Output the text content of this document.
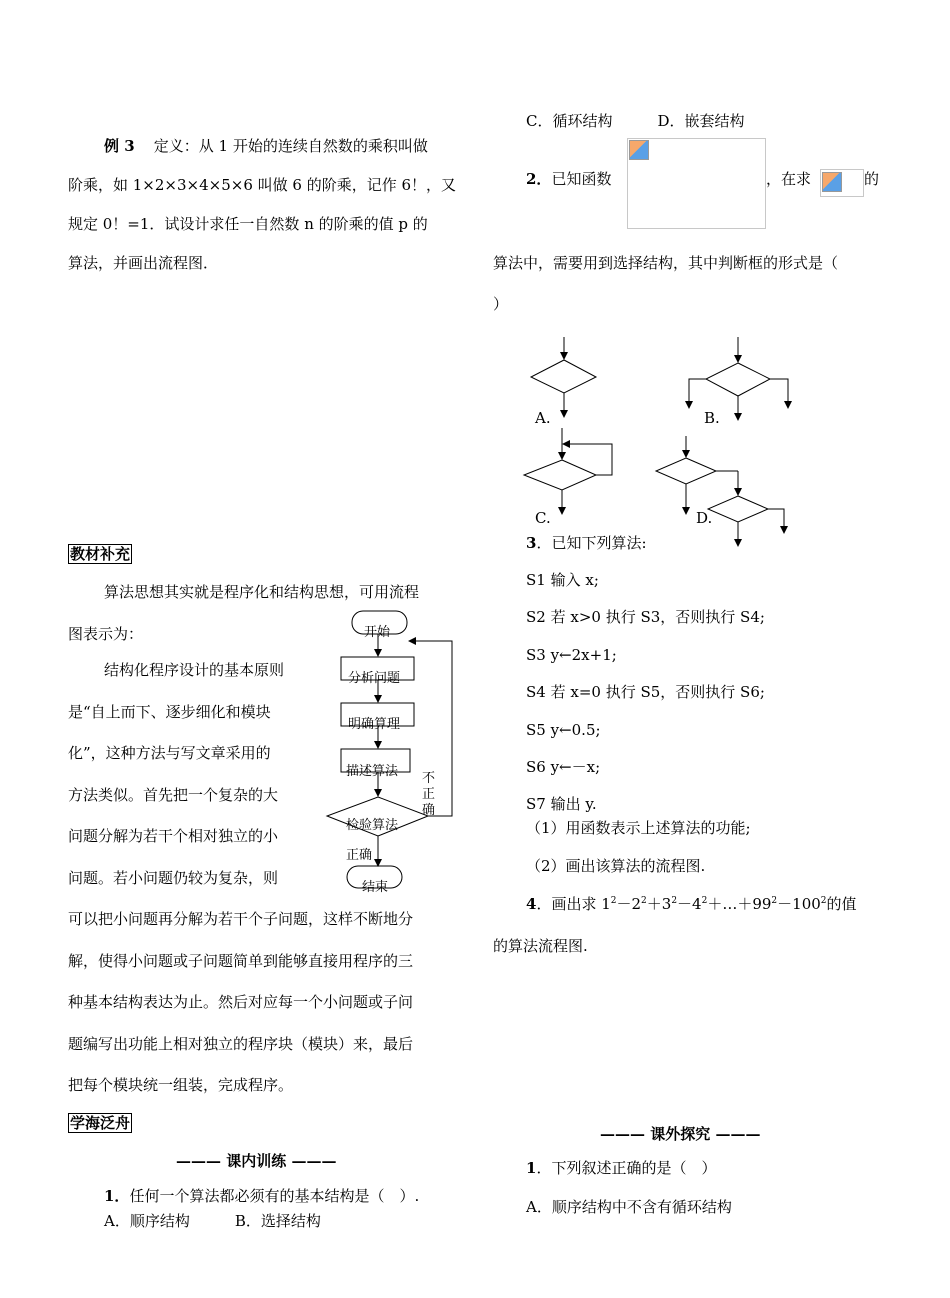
例 3 定义：从 1 开始的连续自然数的乘积叫做
阶乘，如 1×2×3×4×5×6 叫做 6 的阶乘，记作 6！，又
规定 0！=1．试设计求任一自然数 n 的阶乘的值 p 的
算法，并画出流程图．
教材补充
算法思想其实就是程序化和结构思想，可用流程
图表示为：
结构化程序设计的基本原则
是“自上而下、逐步细化和模块
化”，这种方法与写文章采用的
方法类似。首先把一个复杂的大
问题分解为若干个相对独立的小
问题。若小问题仍较为复杂，则
可以把小问题再分解为若干个子问题，这样不断地分
解，使得小问题或子问题简单到能够直接用程序的三
种基本结构表达为止。然后对应每一个小问题或子问
题编写出功能上相对独立的程序块（模块）来，最后
把每个模块统一组装，完成程序。
开始
分析问题
明确算理
描述算法
检验算法
不
正
确
正确
结束
学海泛舟
——— 课内训练 ———
1．任何一个算法都必须有的基本结构是（　）.
A．顺序结构　　　B．选择结构
C．循环结构　　　D．嵌套结构
2．已知函数	，在求	的
算法中，需要用到选择结构，其中判断框的形式是（
）
A.	B.
C.	D.
3．已知下列算法:
S1 输入 x;
S2 若 x>0 执行 S3，否则执行 S4;
S3 y←2x+1;
S4 若 x=0 执行 S5，否则执行 S6;
S5 y←0.5;
S6 y←－x;
S7 输出 y.
（1）用函数表示上述算法的功能;
（2）画出该算法的流程图.
4．画出求 $1^2-2^2+3^2-4^2+\dots+99^2-100^2$的值
的算法流程图.
——— 课外探究 ———
1．下列叙述正确的是（　）
A．顺序结构中不含有循环结构
